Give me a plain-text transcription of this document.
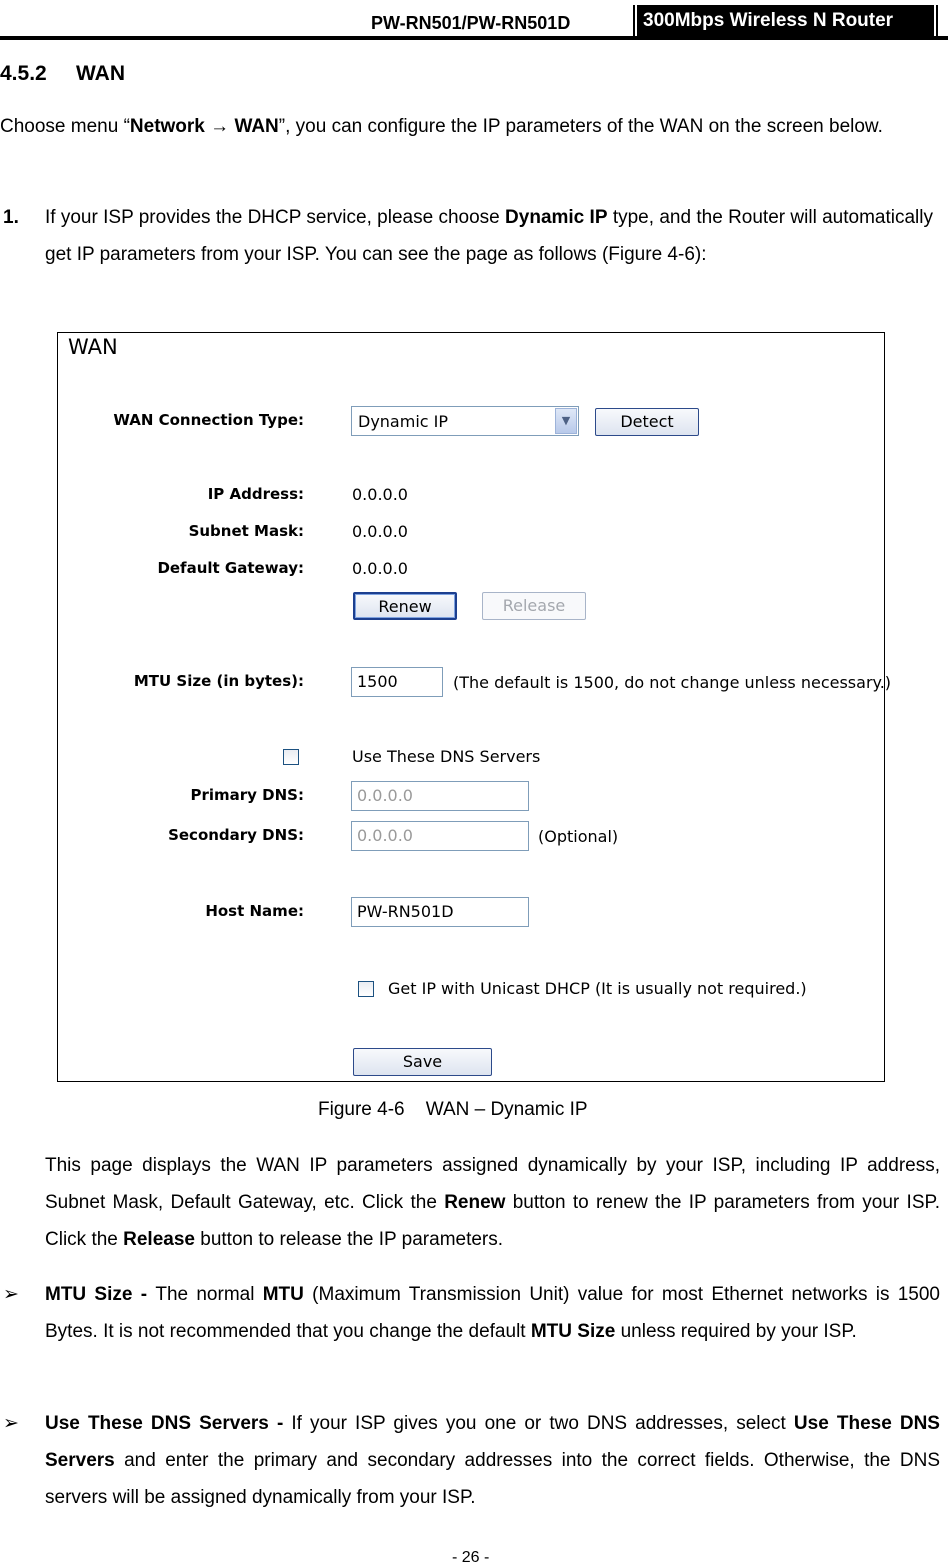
PW-RN501/PW-RN501D	300Mbps Wireless N Router
4.5.2 WAN
Choose menu “Network → WAN”, you can configure the IP parameters of the WAN on the screen below.
1. If your ISP provides the DHCP service, please choose Dynamic IP type, and the Router will automatically get IP parameters from your ISP. You can see the page as follows (Figure 4-6):
WAN
WAN Connection Type:	Dynamic IP	▼	Detect
IP Address:	0.0.0.0
Subnet Mask:	0.0.0.0
Default Gateway:	0.0.0.0
Renew	Release
MTU Size (in bytes):	1500	(The default is 1500, do not change unless necessary.)
Use These DNS Servers
Primary DNS:	0.0.0.0
Secondary DNS:	0.0.0.0	(Optional)
Host Name:	PW-RN501D
Get IP with Unicast DHCP (It is usually not required.)
Save
Figure 4-6    WAN – Dynamic IP
This page displays the WAN IP parameters assigned dynamically by your ISP, including IP address, Subnet Mask, Default Gateway, etc. Click the Renew button to renew the IP parameters from your ISP. Click the Release button to release the IP parameters.
➢ MTU Size - The normal MTU (Maximum Transmission Unit) value for most Ethernet networks is 1500 Bytes. It is not recommended that you change the default MTU Size unless required by your ISP.
➢ Use These DNS Servers - If your ISP gives you one or two DNS addresses, select Use These DNS Servers and enter the primary and secondary addresses into the correct fields. Otherwise, the DNS servers will be assigned dynamically from your ISP.
- 26 -
